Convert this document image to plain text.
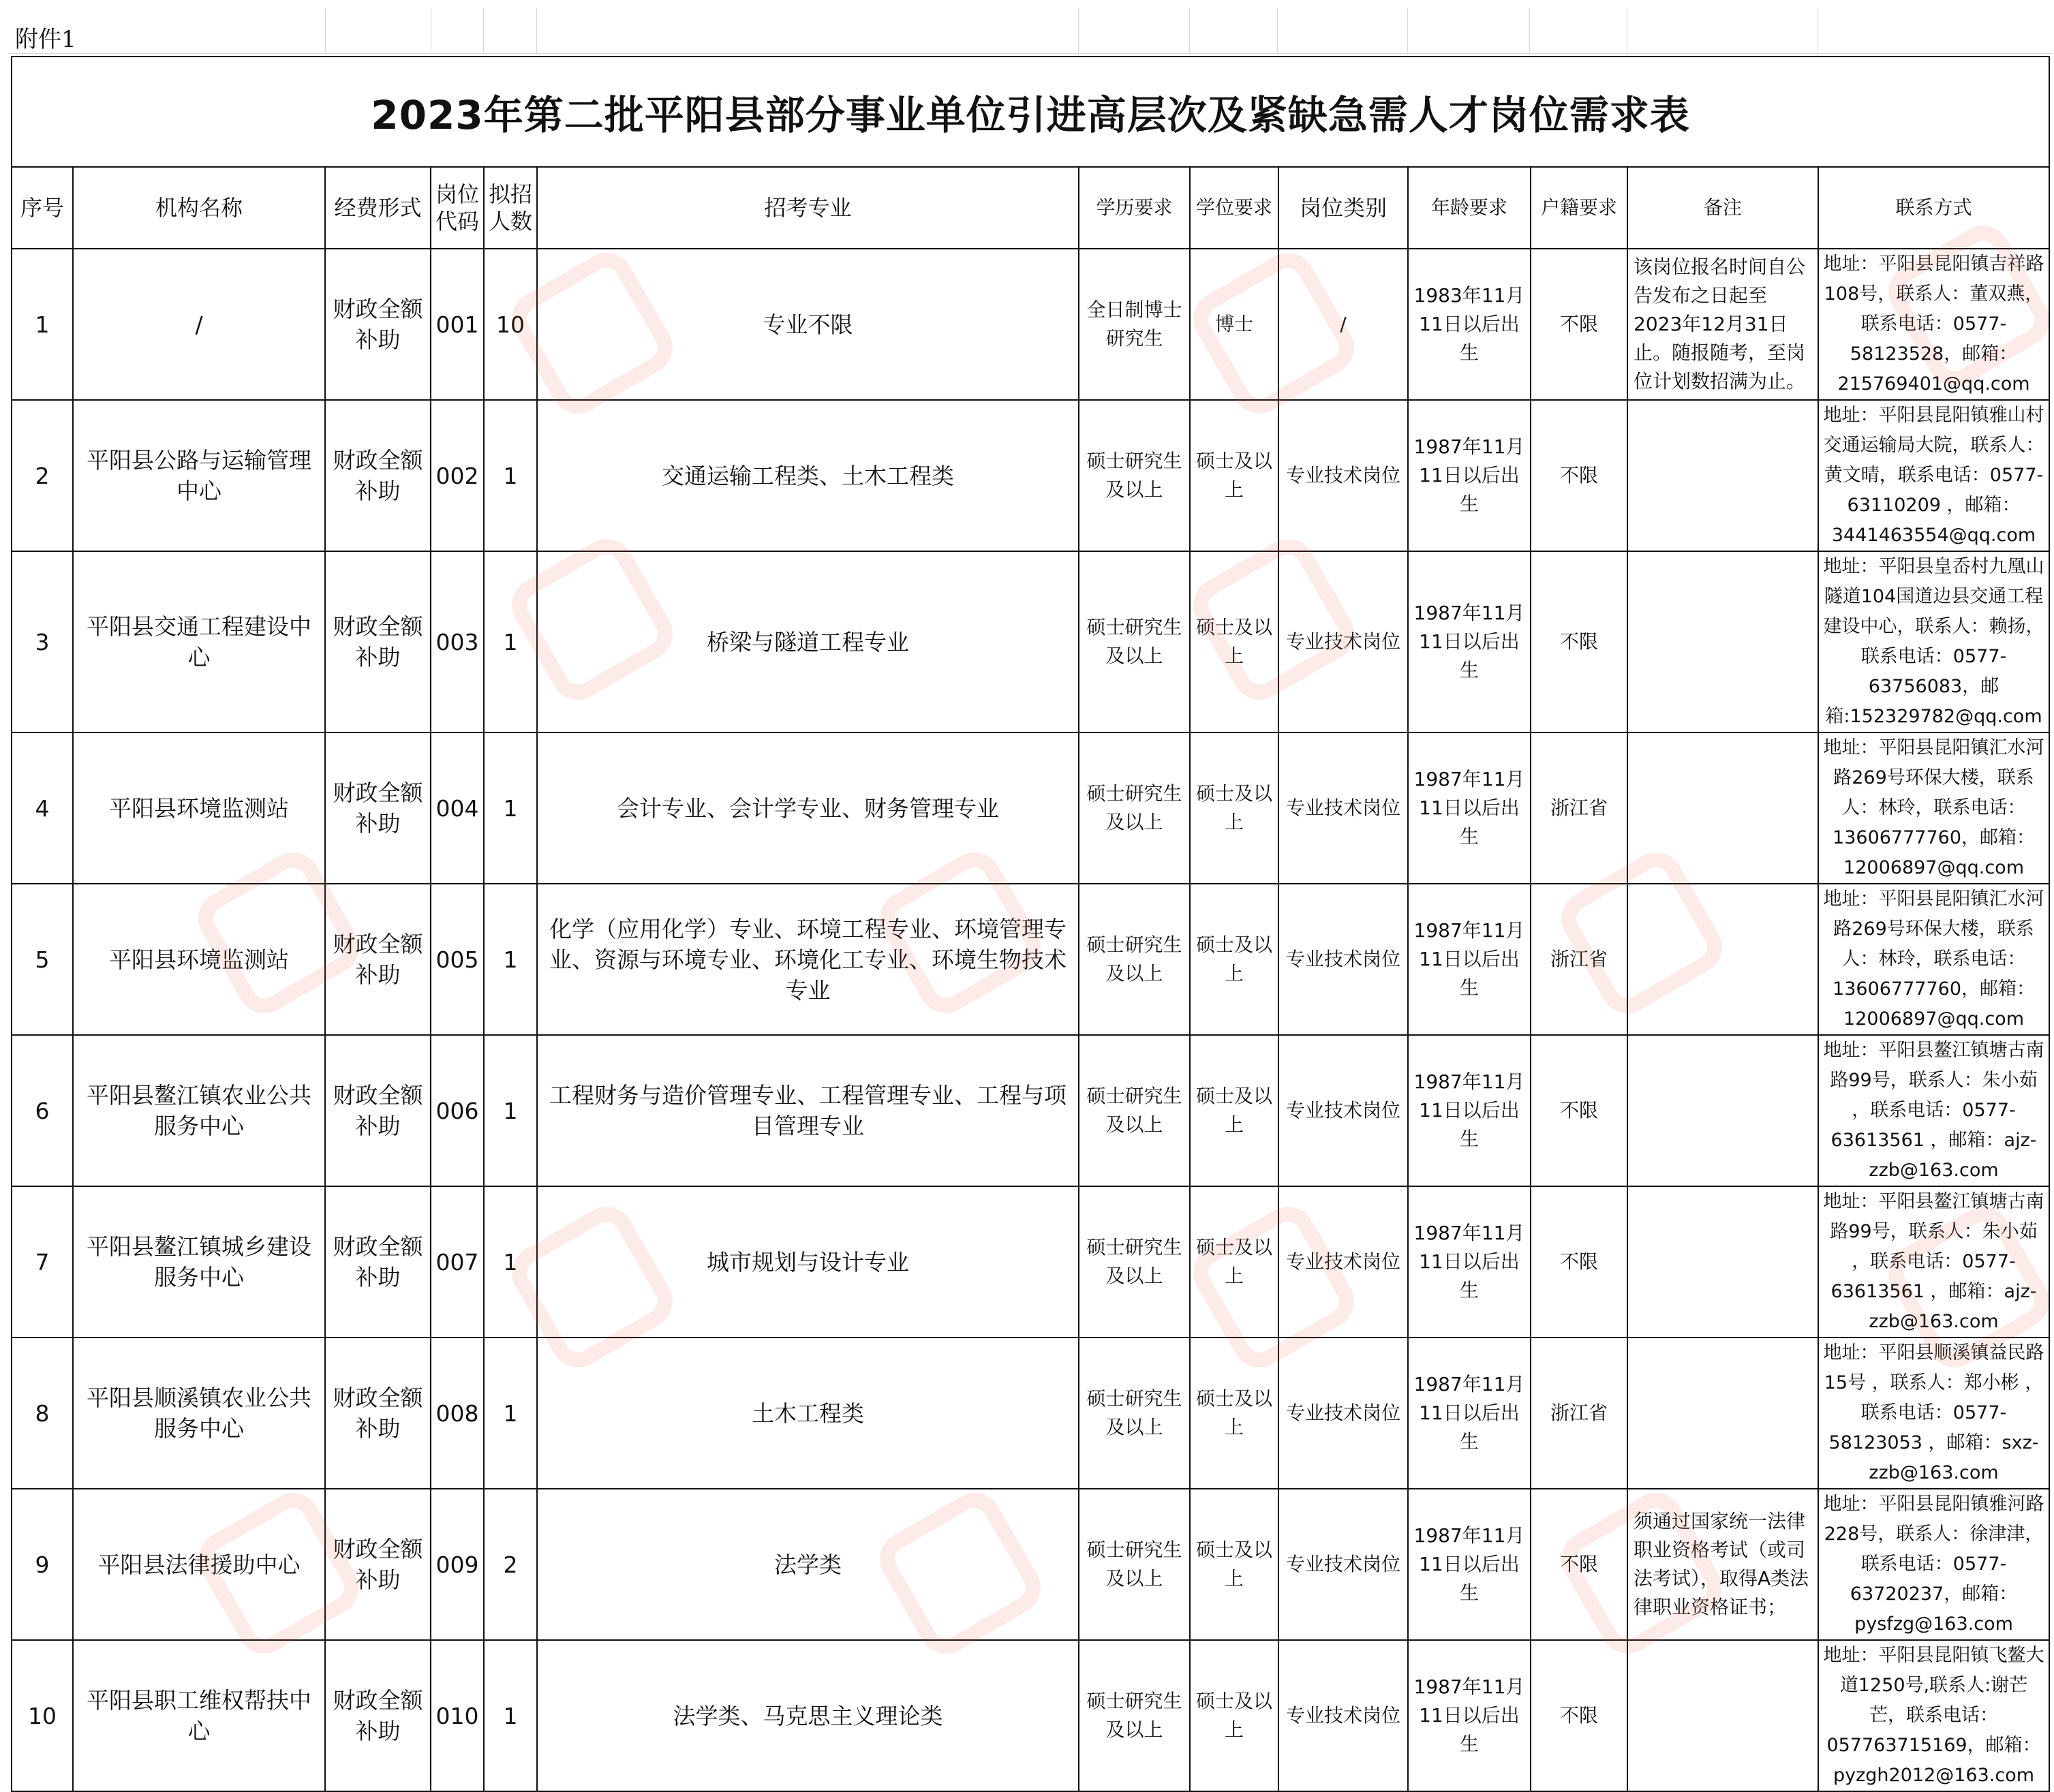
附件1
2023年第二批平阳县部分事业单位引进高层次及紧缺急需人才岗位需求表												
序号	机构名称	经费形式	岗位代码	拟招人数	招考专业	学历要求	学位要求	岗位类别	年龄要求	户籍要求	备注	联系方式
1	/	财政全额补助	001	10	专业不限	全日制博士研究生	博士	/	1983年11月11日以后出生	不限	该岗位报名时间自公告发布之日起至2023年12月31日止。随报随考，至岗位计划数招满为止。	地址：平阳县昆阳镇吉祥路108号，联系人：董双燕，联系电话：0577-58123528，邮箱：215769401@qq.com
2	平阳县公路与运输管理中心	财政全额补助	002	1	交通运输工程类、土木工程类	硕士研究生及以上	硕士及以上	专业技术岗位	1987年11月11日以后出生	不限		地址：平阳县昆阳镇雅山村交通运输局大院，联系人：黄文晴，联系电话：0577-63110209 ，邮箱：3441463554@qq.com
3	平阳县交通工程建设中心	财政全额补助	003	1	桥梁与隧道工程专业	硕士研究生及以上	硕士及以上	专业技术岗位	1987年11月11日以后出生	不限		地址：平阳县皇岙村九凰山隧道104国道边县交通工程建设中心，联系人：赖扬，联系电话：0577-63756083，邮箱:152329782@qq.com
4	平阳县环境监测站	财政全额补助	004	1	会计专业、会计学专业、财务管理专业	硕士研究生及以上	硕士及以上	专业技术岗位	1987年11月11日以后出生	浙江省		地址：平阳县昆阳镇汇水河路269号环保大楼，联系人：林玲，联系电话：13606777760，邮箱：12006897@qq.com
5	平阳县环境监测站	财政全额补助	005	1	化学（应用化学）专业、环境工程专业、环境管理专业、资源与环境专业、环境化工专业、环境生物技术专业	硕士研究生及以上	硕士及以上	专业技术岗位	1987年11月11日以后出生	浙江省		地址：平阳县昆阳镇汇水河路269号环保大楼，联系人：林玲，联系电话：13606777760，邮箱：12006897@qq.com
6	平阳县鳌江镇农业公共服务中心	财政全额补助	006	1	工程财务与造价管理专业、工程管理专业、工程与项目管理专业	硕士研究生及以上	硕士及以上	专业技术岗位	1987年11月11日以后出生	不限		地址：平阳县鳌江镇塘古南路99号，联系人：朱小茹 ，联系电话：0577-63613561 ，邮箱：ajz-zzb@163.com
7	平阳县鳌江镇城乡建设服务中心	财政全额补助	007	1	城市规划与设计专业	硕士研究生及以上	硕士及以上	专业技术岗位	1987年11月11日以后出生	不限		地址：平阳县鳌江镇塘古南路99号，联系人：朱小茹 ，联系电话：0577-63613561 ，邮箱：ajz-zzb@163.com
8	平阳县顺溪镇农业公共服务中心	财政全额补助	008	1	土木工程类	硕士研究生及以上	硕士及以上	专业技术岗位	1987年11月11日以后出生	浙江省		地址：平阳县顺溪镇益民路15号 ，联系人：郑小彬 ，联系电话：0577-58123053 ，邮箱：sxz-zzb@163.com
9	平阳县法律援助中心	财政全额补助	009	2	法学类	硕士研究生及以上	硕士及以上	专业技术岗位	1987年11月11日以后出生	不限	须通过国家统一法律职业资格考试（或司法考试），取得A类法律职业资格证书；	地址：平阳县昆阳镇雅河路228号，联系人：徐津津，联系电话：0577-63720237，邮箱：pysfzg@163.com
10	平阳县职工维权帮扶中心	财政全额补助	010	1	法学类、马克思主义理论类	硕士研究生及以上	硕士及以上	专业技术岗位	1987年11月11日以后出生	不限		地址：平阳县昆阳镇飞鳌大道1250号,联系人:谢芒芒，联系电话：057763715169，邮箱：pyzgh2012@163.com
